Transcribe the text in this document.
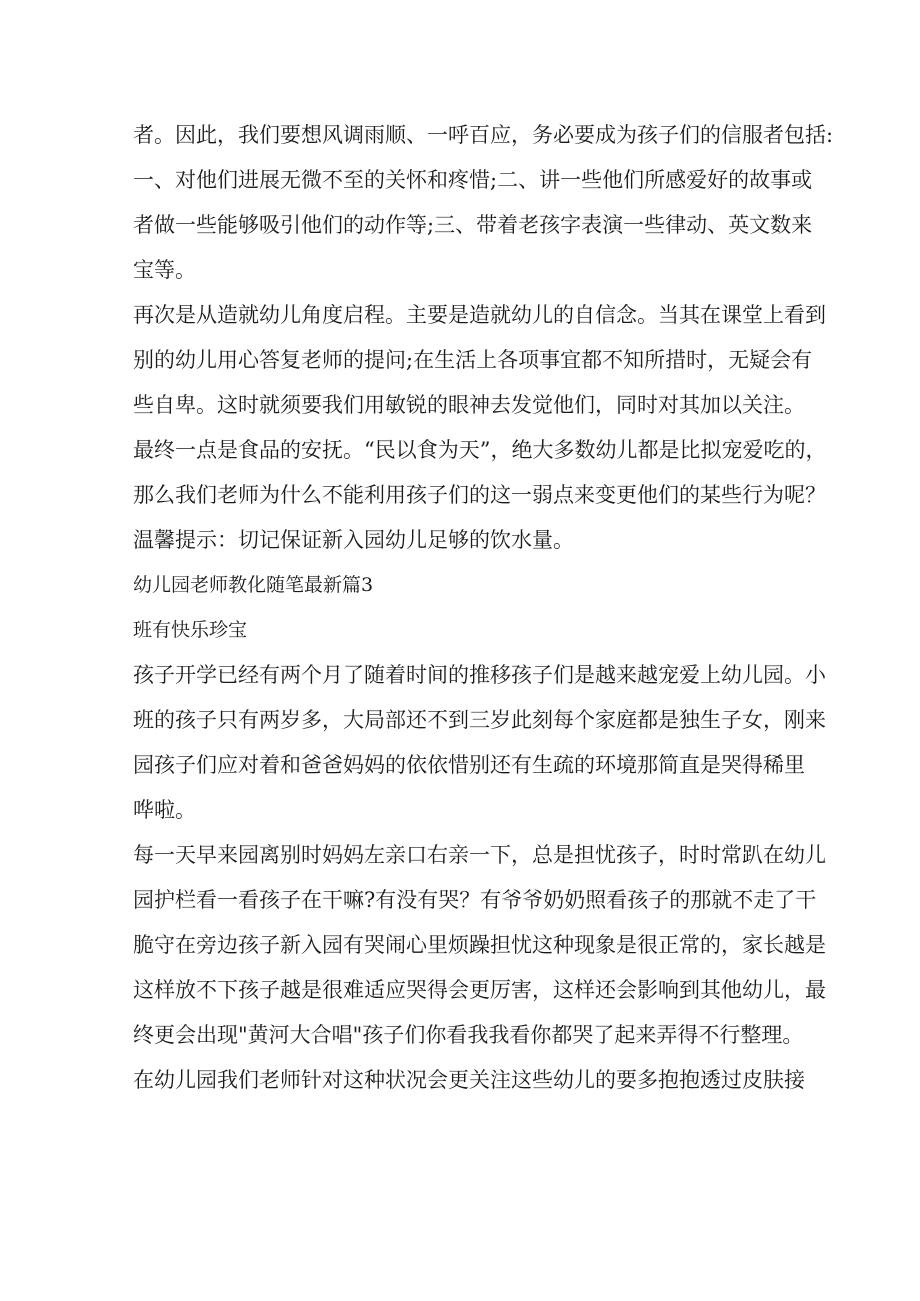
者。因此，我们要想风调雨顺、一呼百应，务必要成为孩子们的信服者包括:

一、对他们进展无微不至的关怀和疼惜;二、讲一些他们所感爱好的故事或

者做一些能够吸引他们的动作等;三、带着老孩字表演一些律动、英文数来

宝等。

再次是从造就幼儿角度启程。主要是造就幼儿的自信念。当其在课堂上看到

别的幼儿用心答复老师的提问;在生活上各项事宜都不知所措时，无疑会有

些自卑。这时就须要我们用敏锐的眼神去发觉他们，同时对其加以关注。

最终一点是食品的安抚。“民以食为天”，绝大多数幼儿都是比拟宠爱吃的，

那么我们老师为什么不能利用孩子们的这一弱点来变更他们的某些行为呢？

温馨提示：切记保证新入园幼儿足够的饮水量。

幼儿园老师教化随笔最新篇3

班有快乐珍宝

孩子开学已经有两个月了随着时间的推移孩子们是越来越宠爱上幼儿园。小

班的孩子只有两岁多，大局部还不到三岁此刻每个家庭都是独生子女，刚来

园孩子们应对着和爸爸妈妈的依依惜别还有生疏的环境那简直是哭得稀里

哗啦。

每一天早来园离别时妈妈左亲口右亲一下，总是担忧孩子，时时常趴在幼儿

园护栏看一看孩子在干嘛?有没有哭？有爷爷奶奶照看孩子的那就不走了干

脆守在旁边孩子新入园有哭闹心里烦躁担忧这种现象是很正常的，家长越是

这样放不下孩子越是很难适应哭得会更厉害，这样还会影响到其他幼儿，最

终更会出现"黄河大合唱"孩子们你看我我看你都哭了起来弄得不行整理。

在幼儿园我们老师针对这种状况会更关注这些幼儿的要多抱抱透过皮肤接
